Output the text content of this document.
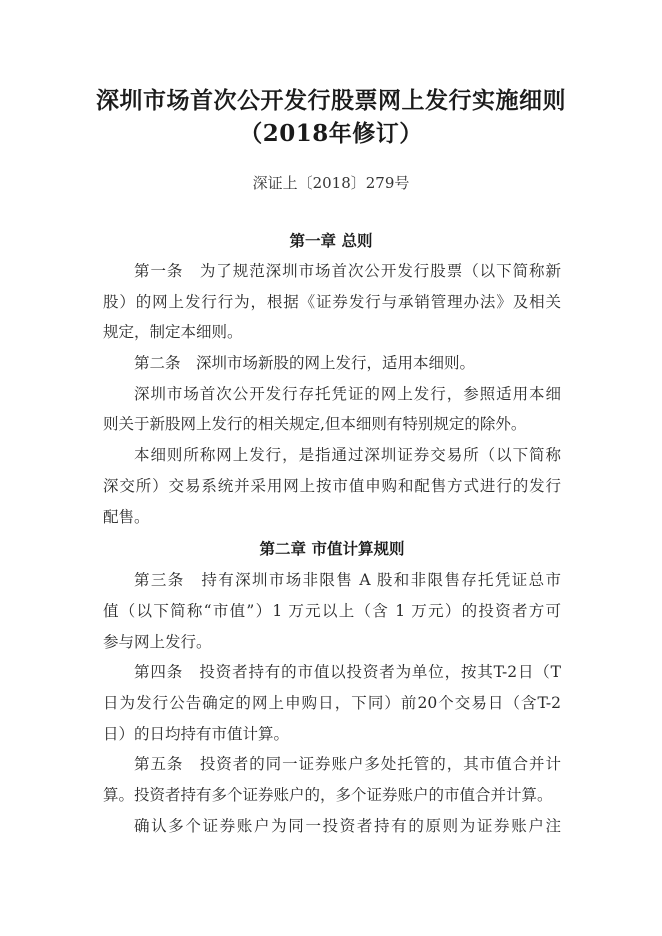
深圳市场首次公开发行股票网上发行实施细则
（2018年修订）
深证上〔2018〕279号
第一章 总则
第一条　为了规范深圳市场首次公开发行股票（以下简称新
股）的网上发行行为，根据《证券发行与承销管理办法》及相关
规定，制定本细则。
第二条　深圳市场新股的网上发行，适用本细则。
深圳市场首次公开发行存托凭证的网上发行，参照适用本细
则关于新股网上发行的相关规定,但本细则有特别规定的除外。
本细则所称网上发行，是指通过深圳证券交易所（以下简称
深交所）交易系统并采用网上按市值申购和配售方式进行的发行
配售。
第二章 市值计算规则
第三条　持有深圳市场非限售 A 股和非限售存托凭证总市
值（以下简称“市值”）1 万元以上（含 1 万元）的投资者方可
参与网上发行。
第四条　投资者持有的市值以投资者为单位，按其T-2日（T
日为发行公告确定的网上申购日，下同）前20个交易日（含T-2
日）的日均持有市值计算。
第五条　投资者的同一证券账户多处托管的，其市值合并计
算。投资者持有多个证券账户的，多个证券账户的市值合并计算。
确认多个证券账户为同一投资者持有的原则为证券账户注
